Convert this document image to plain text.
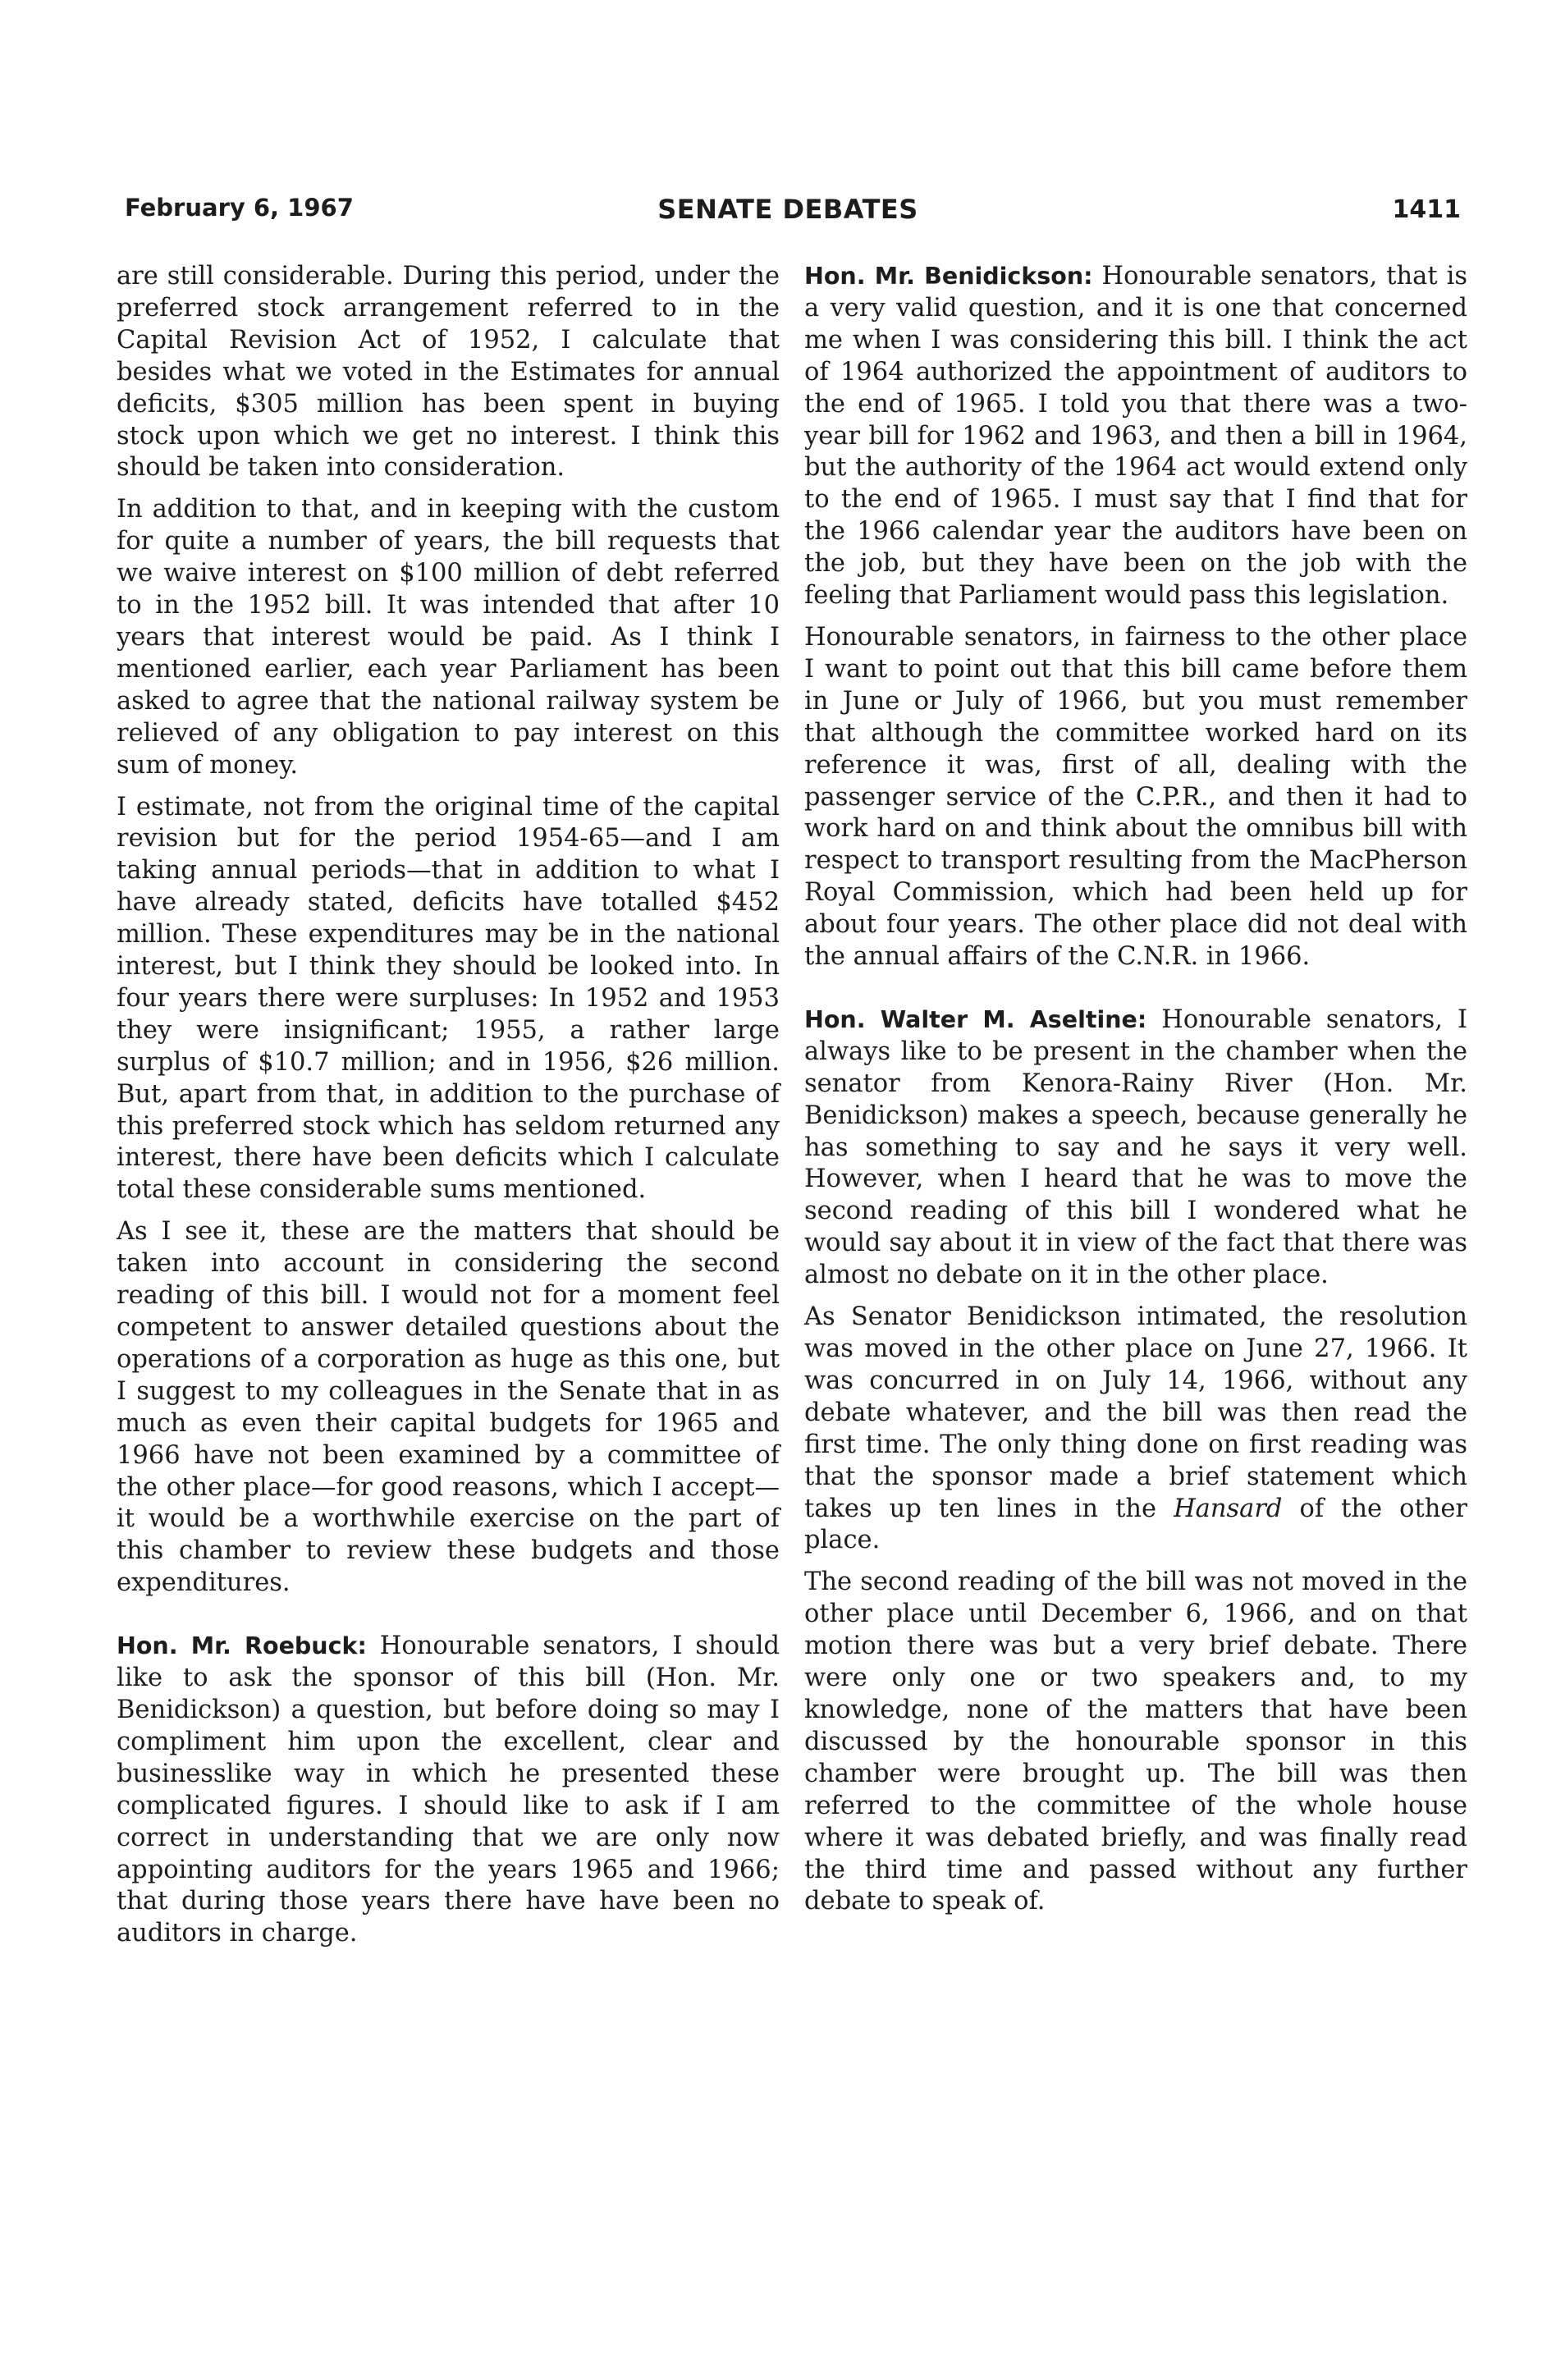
February 6, 1967	SENATE DEBATES	1411

are still considerable. During this period, under the preferred stock arrangement referred to in the Capital Revision Act of 1952, I calculate that besides what we voted in the Estimates for annual deficits, $305 million has been spent in buying stock upon which we get no interest. I think this should be taken into consideration.

In addition to that, and in keeping with the custom for quite a number of years, the bill requests that we waive interest on $100 million of debt referred to in the 1952 bill. It was intended that after 10 years that interest would be paid. As I think I mentioned earlier, each year Parliament has been asked to agree that the national railway system be relieved of any obligation to pay interest on this sum of money.

I estimate, not from the original time of the capital revision but for the period 1954-65—and I am taking annual periods—that in addition to what I have already stated, deficits have totalled $452 million. These expenditures may be in the national interest, but I think they should be looked into. In four years there were surpluses: In 1952 and 1953 they were insignificant; 1955, a rather large surplus of $10.7 million; and in 1956, $26 million. But, apart from that, in addition to the purchase of this preferred stock which has seldom returned any interest, there have been deficits which I calculate total these considerable sums mentioned.

As I see it, these are the matters that should be taken into account in considering the second reading of this bill. I would not for a moment feel competent to answer detailed questions about the operations of a corporation as huge as this one, but I suggest to my colleagues in the Senate that in as much as even their capital budgets for 1965 and 1966 have not been examined by a committee of the other place—for good reasons, which I accept—it would be a worthwhile exercise on the part of this chamber to review these budgets and those expenditures.

Hon. Mr. Roebuck: Honourable senators, I should like to ask the sponsor of this bill (Hon. Mr. Benidickson) a question, but before doing so may I compliment him upon the excellent, clear and businesslike way in which he presented these complicated figures. I should like to ask if I am correct in understanding that we are only now appointing auditors for the years 1965 and 1966; that during those years there have have been no auditors in charge.

Hon. Mr. Benidickson: Honourable senators, that is a very valid question, and it is one that concerned me when I was considering this bill. I think the act of 1964 authorized the appointment of auditors to the end of 1965. I told you that there was a two-year bill for 1962 and 1963, and then a bill in 1964, but the authority of the 1964 act would extend only to the end of 1965. I must say that I find that for the 1966 calendar year the auditors have been on the job, but they have been on the job with the feeling that Parliament would pass this legislation.

Honourable senators, in fairness to the other place I want to point out that this bill came before them in June or July of 1966, but you must remember that although the committee worked hard on its reference it was, first of all, dealing with the passenger service of the C.P.R., and then it had to work hard on and think about the omnibus bill with respect to transport resulting from the MacPherson Royal Commission, which had been held up for about four years. The other place did not deal with the annual affairs of the C.N.R. in 1966.

Hon. Walter M. Aseltine: Honourable senators, I always like to be present in the chamber when the senator from Kenora-Rainy River (Hon. Mr. Benidickson) makes a speech, because generally he has something to say and he says it very well. However, when I heard that he was to move the second reading of this bill I wondered what he would say about it in view of the fact that there was almost no debate on it in the other place.

As Senator Benidickson intimated, the resolution was moved in the other place on June 27, 1966. It was concurred in on July 14, 1966, without any debate whatever, and the bill was then read the first time. The only thing done on first reading was that the sponsor made a brief statement which takes up ten lines in the Hansard of the other place.

The second reading of the bill was not moved in the other place until December 6, 1966, and on that motion there was but a very brief debate. There were only one or two speakers and, to my knowledge, none of the matters that have been discussed by the honourable sponsor in this chamber were brought up. The bill was then referred to the committee of the whole house where it was debated briefly, and was finally read the third time and passed without any further debate to speak of.
